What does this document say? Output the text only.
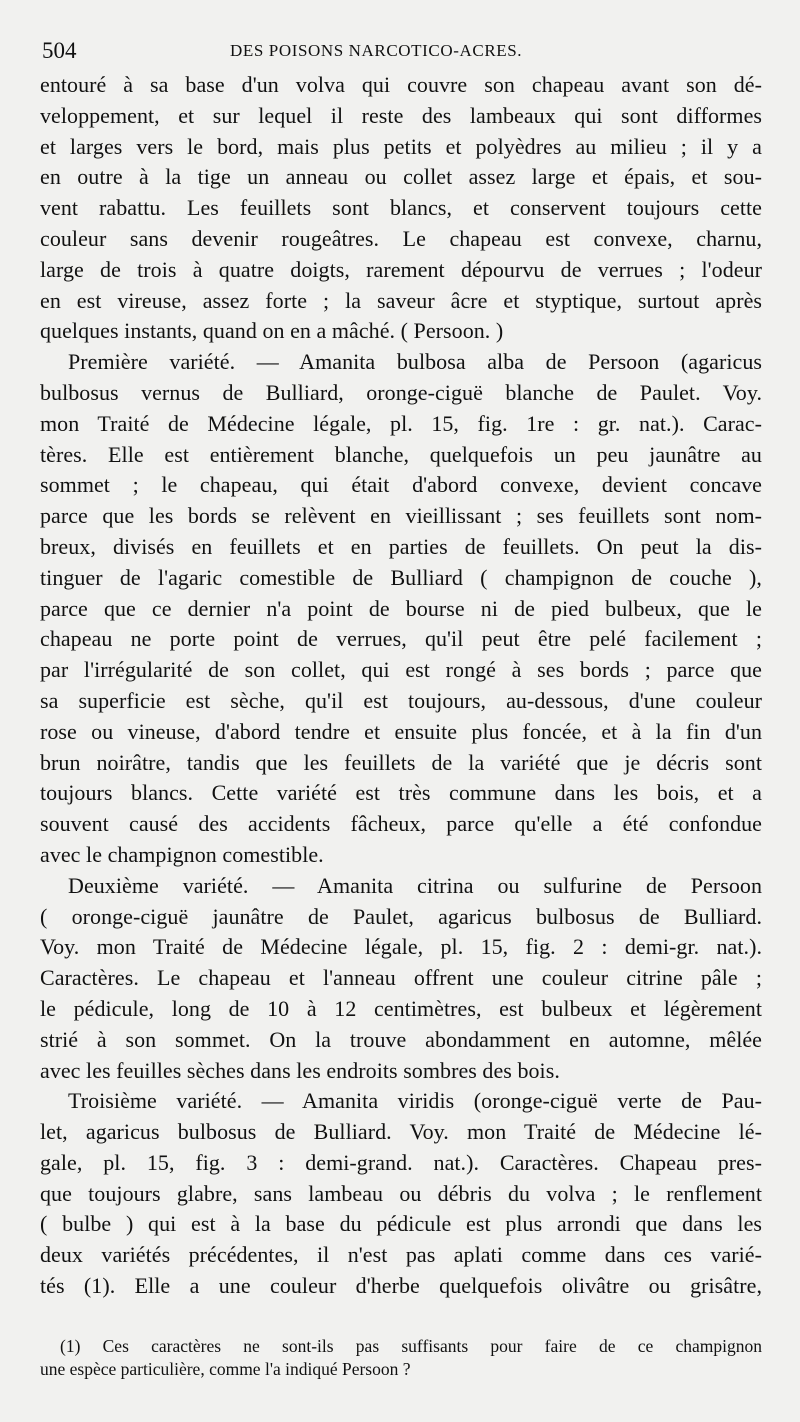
504	DES POISONS NARCOTICO-ACRES.
entouré à sa base d'un volva qui couvre son chapeau avant son dé-
veloppement, et sur lequel il reste des lambeaux qui sont difformes
et larges vers le bord, mais plus petits et polyèdres au milieu ; il y a
en outre à la tige un anneau ou collet assez large et épais, et sou-
vent rabattu. Les feuillets sont blancs, et conservent toujours cette
couleur sans devenir rougeâtres. Le chapeau est convexe, charnu,
large de trois à quatre doigts, rarement dépourvu de verrues ; l'odeur
en est vireuse, assez forte ; la saveur âcre et styptique, surtout après
quelques instants, quand on en a mâché. ( Persoon. )
Première variété. — Amanita bulbosa alba de Persoon (agaricus
bulbosus vernus de Bulliard, oronge-ciguë blanche de Paulet. Voy.
mon Traité de Médecine légale, pl. 15, fig. 1re : gr. nat.). Carac-
tères. Elle est entièrement blanche, quelquefois un peu jaunâtre au
sommet ; le chapeau, qui était d'abord convexe, devient concave
parce que les bords se relèvent en vieillissant ; ses feuillets sont nom-
breux, divisés en feuillets et en parties de feuillets. On peut la dis-
tinguer de l'agaric comestible de Bulliard ( champignon de couche ),
parce que ce dernier n'a point de bourse ni de pied bulbeux, que le
chapeau ne porte point de verrues, qu'il peut être pelé facilement ;
par l'irrégularité de son collet, qui est rongé à ses bords ; parce que
sa superficie est sèche, qu'il est toujours, au-dessous, d'une couleur
rose ou vineuse, d'abord tendre et ensuite plus foncée, et à la fin d'un
brun noirâtre, tandis que les feuillets de la variété que je décris sont
toujours blancs. Cette variété est très commune dans les bois, et a
souvent causé des accidents fâcheux, parce qu'elle a été confondue
avec le champignon comestible.
Deuxième variété. — Amanita citrina ou sulfurine de Persoon
( oronge-ciguë jaunâtre de Paulet, agaricus bulbosus de Bulliard.
Voy. mon Traité de Médecine légale, pl. 15, fig. 2 : demi-gr. nat.).
Caractères. Le chapeau et l'anneau offrent une couleur citrine pâle ;
le pédicule, long de 10 à 12 centimètres, est bulbeux et légèrement
strié à son sommet. On la trouve abondamment en automne, mêlée
avec les feuilles sèches dans les endroits sombres des bois.
Troisième variété. — Amanita viridis (oronge-ciguë verte de Pau-
let, agaricus bulbosus de Bulliard. Voy. mon Traité de Médecine lé-
gale, pl. 15, fig. 3 : demi-grand. nat.). Caractères. Chapeau pres-
que toujours glabre, sans lambeau ou débris du volva ; le renflement
( bulbe ) qui est à la base du pédicule est plus arrondi que dans les
deux variétés précédentes, il n'est pas aplati comme dans ces varié-
tés (1). Elle a une couleur d'herbe quelquefois olivâtre ou grisâtre,
(1) Ces caractères ne sont-ils pas suffisants pour faire de ce champignon
une espèce particulière, comme l'a indiqué Persoon ?
